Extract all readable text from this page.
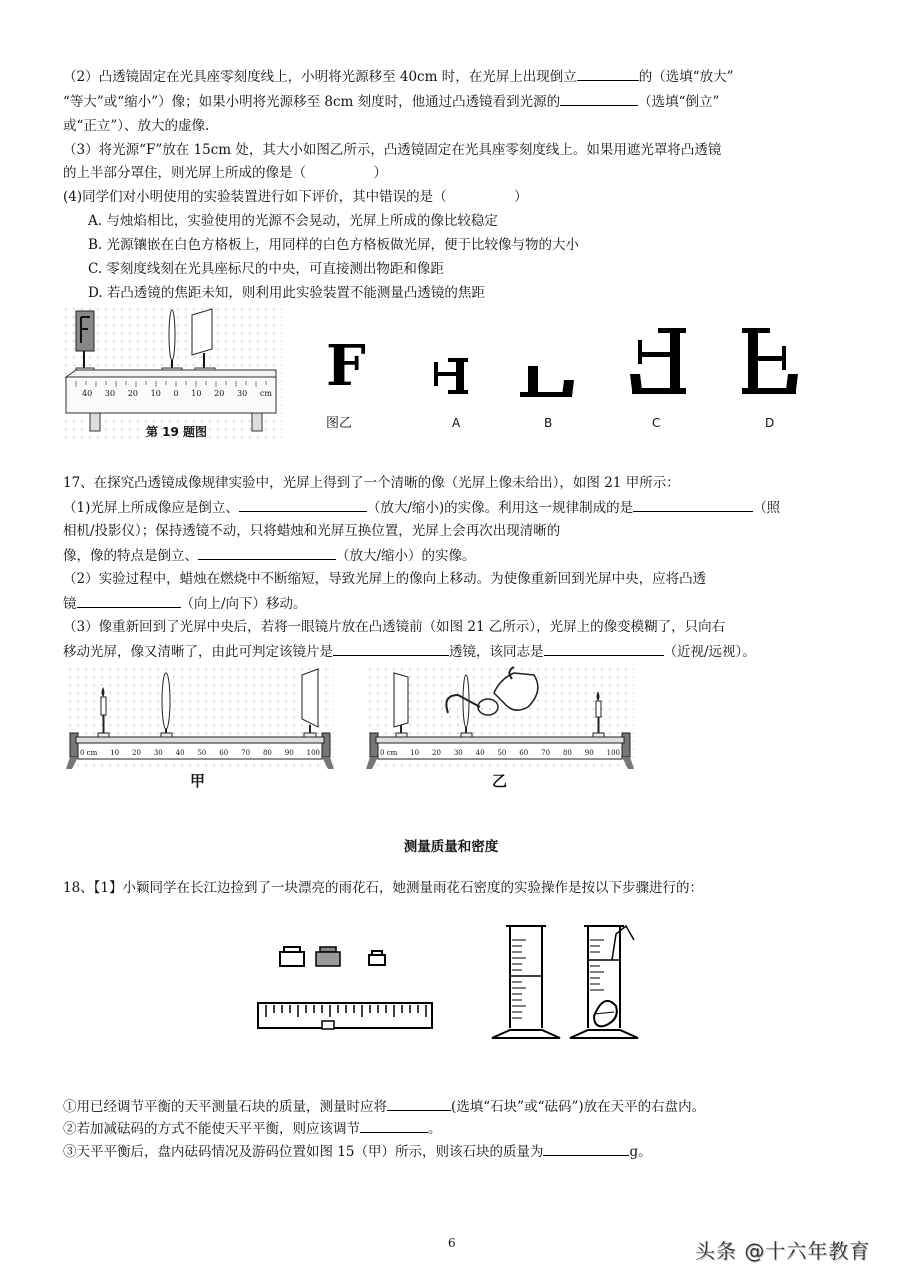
（2）凸透镜固定在光具座零刻度线上，小明将光源移至 40cm 时，在光屏上出现倒立	的（选填“放大”
“等大”或“缩小”）像；如果小明将光源移至 8cm 刻度时，他通过凸透镜看到光源的	（选填“倒立”
或“正立”）、放大的虚像.
（3）将光源“F”放在 15cm 处，其大小如图乙所示，凸透镜固定在光具座零刻度线上。如果用遮光罩将凸透镜
的上半部分罩住，则光屏上所成的像是（　　　　　）
(4)同学们对小明使用的实验装置进行如下评价，其中错误的是（　　　　　）
A. 与烛焰相比，实验使用的光源不会晃动，光屏上所成的像比较稳定
B. 光源镶嵌在白色方格板上，用同样的白色方格板做光屏，便于比较像与物的大小
C. 零刻度线刻在光具座标尺的中央，可直接测出物距和像距
D. 若凸透镜的焦距未知，则利用此实验装置不能测量凸透镜的焦距
40 30 20 10 0 10 20 30 cm
第 19 题图
F
图乙	A	B	C	D
17、在探究凸透镜成像规律实验中，光屏上得到了一个清晰的像（光屏上像未给出），如图 21 甲所示：
（1)光屏上所成像应是倒立、	（放大/缩小)的实像。利用这一规律制成的是	（照
相机/投影仪）；保持透镜不动，只将蜡烛和光屏互换位置，光屏上会再次出现清晰的
像，像的特点是倒立、	（放大/缩小）的实像。
（2）实验过程中，蜡烛在燃烧中不断缩短，导致光屏上的像向上移动。为使像重新回到光屏中央，应将凸透
镜	（向上/向下）移动。
（3）像重新回到了光屏中央后，若将一眼镜片放在凸透镜前（如图 21 乙所示），光屏上的像变模糊了，只向右
移动光屏，像又清晰了，由此可判定该镜片是	透镜，该同志是	（近视/远视）。
0 cm 10 20 30 40 50 60 70 80 90 100
甲
0 cm 10 20 30 40 50 60 70 80 90 100
乙
测量质量和密度
18、【1】小颖同学在长江边捡到了一块漂亮的雨花石，她测量雨花石密度的实验操作是按以下步骤进行的：
①用已经调节平衡的天平测量石块的质量，测量时应将	(选填“石块”或“砝码”)放在天平的右盘内。
②若加减砝码的方式不能使天平平衡，则应该调节	。
③天平平衡后，盘内砝码情况及游码位置如图 15（甲）所示，则该石块的质量为	g。
6	头条 @十六年教育
